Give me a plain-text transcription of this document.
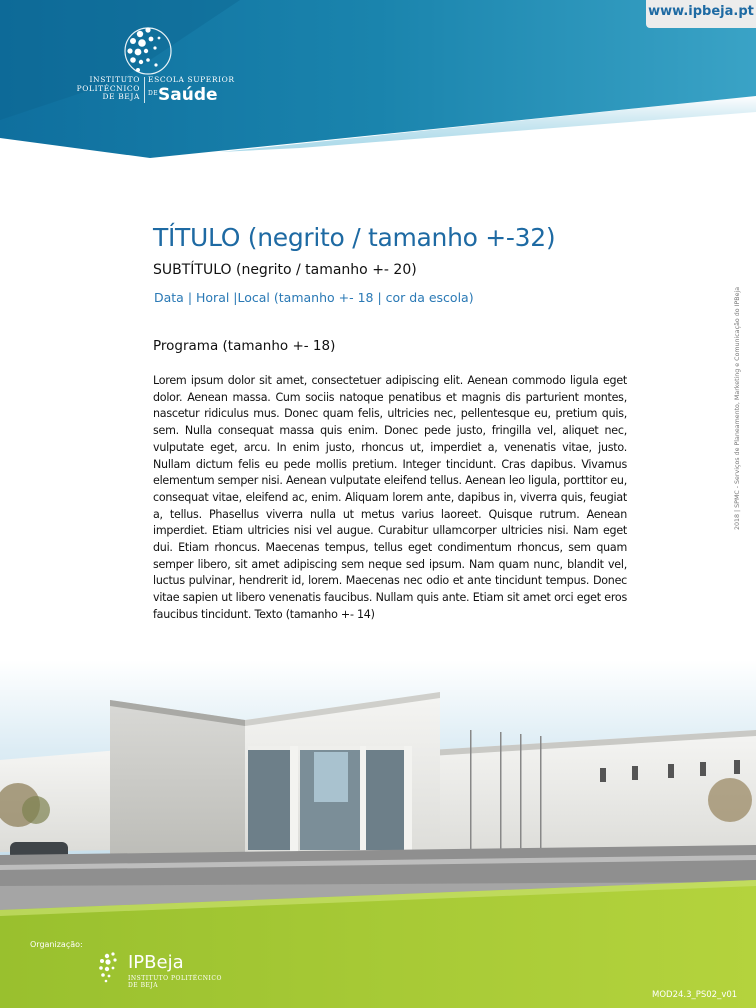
www.ipbeja.pt
INSTITUTO
POLITÉCNICO
DE BEJA
ESCOLA SUPERIOR
DE Saúde
TÍTULO (negrito / tamanho +-32)
SUBTÍTULO (negrito / tamanho +- 20)
Data | Horal |Local (tamanho +- 18 | cor da escola)
Programa (tamanho +- 18)
Lorem ipsum dolor sit amet, consectetuer adipiscing elit. Aenean commodo ligula eget dolor. Aenean massa. Cum sociis natoque penatibus et magnis dis parturient montes, nascetur ridiculus mus. Donec quam felis, ultricies nec, pellentesque eu, pretium quis, sem. Nulla consequat massa quis enim. Donec pede justo, fringilla vel, aliquet nec, vulputate eget, arcu. In enim justo, rhoncus ut, imperdiet a, venenatis vitae, justo. Nullam dictum felis eu pede mollis pretium. Integer tincidunt. Cras dapibus. Vivamus elementum semper nisi. Aenean vulputate eleifend tellus. Aenean leo ligula, porttitor eu, consequat vitae, eleifend ac, enim. Aliquam lorem ante, dapibus in, viverra quis, feugiat a, tellus. Phasellus viverra nulla ut metus varius laoreet. Quisque rutrum. Aenean imperdiet. Etiam ultricies nisi vel augue. Curabitur ullamcorper ultricies nisi. Nam eget dui. Etiam rhoncus. Maecenas tempus, tellus eget condimentum rhoncus, sem quam semper libero, sit amet adipiscing sem neque sed ipsum. Nam quam nunc, blandit vel, luctus pulvinar, hendrerit id, lorem. Maecenas nec odio et ante tincidunt tempus. Donec vitae sapien ut libero venenatis faucibus. Nullam quis ante. Etiam sit amet orci eget eros faucibus tincidunt. Texto (tamanho +- 14)
2018 | SPMC - Serviços de Planeamento, Marketing e Comunicação do IPBeja
Organização:
IPBeja
INSTITUTO POLITÉCNICO
DE BEJA
MOD24.3_PS02_v01
